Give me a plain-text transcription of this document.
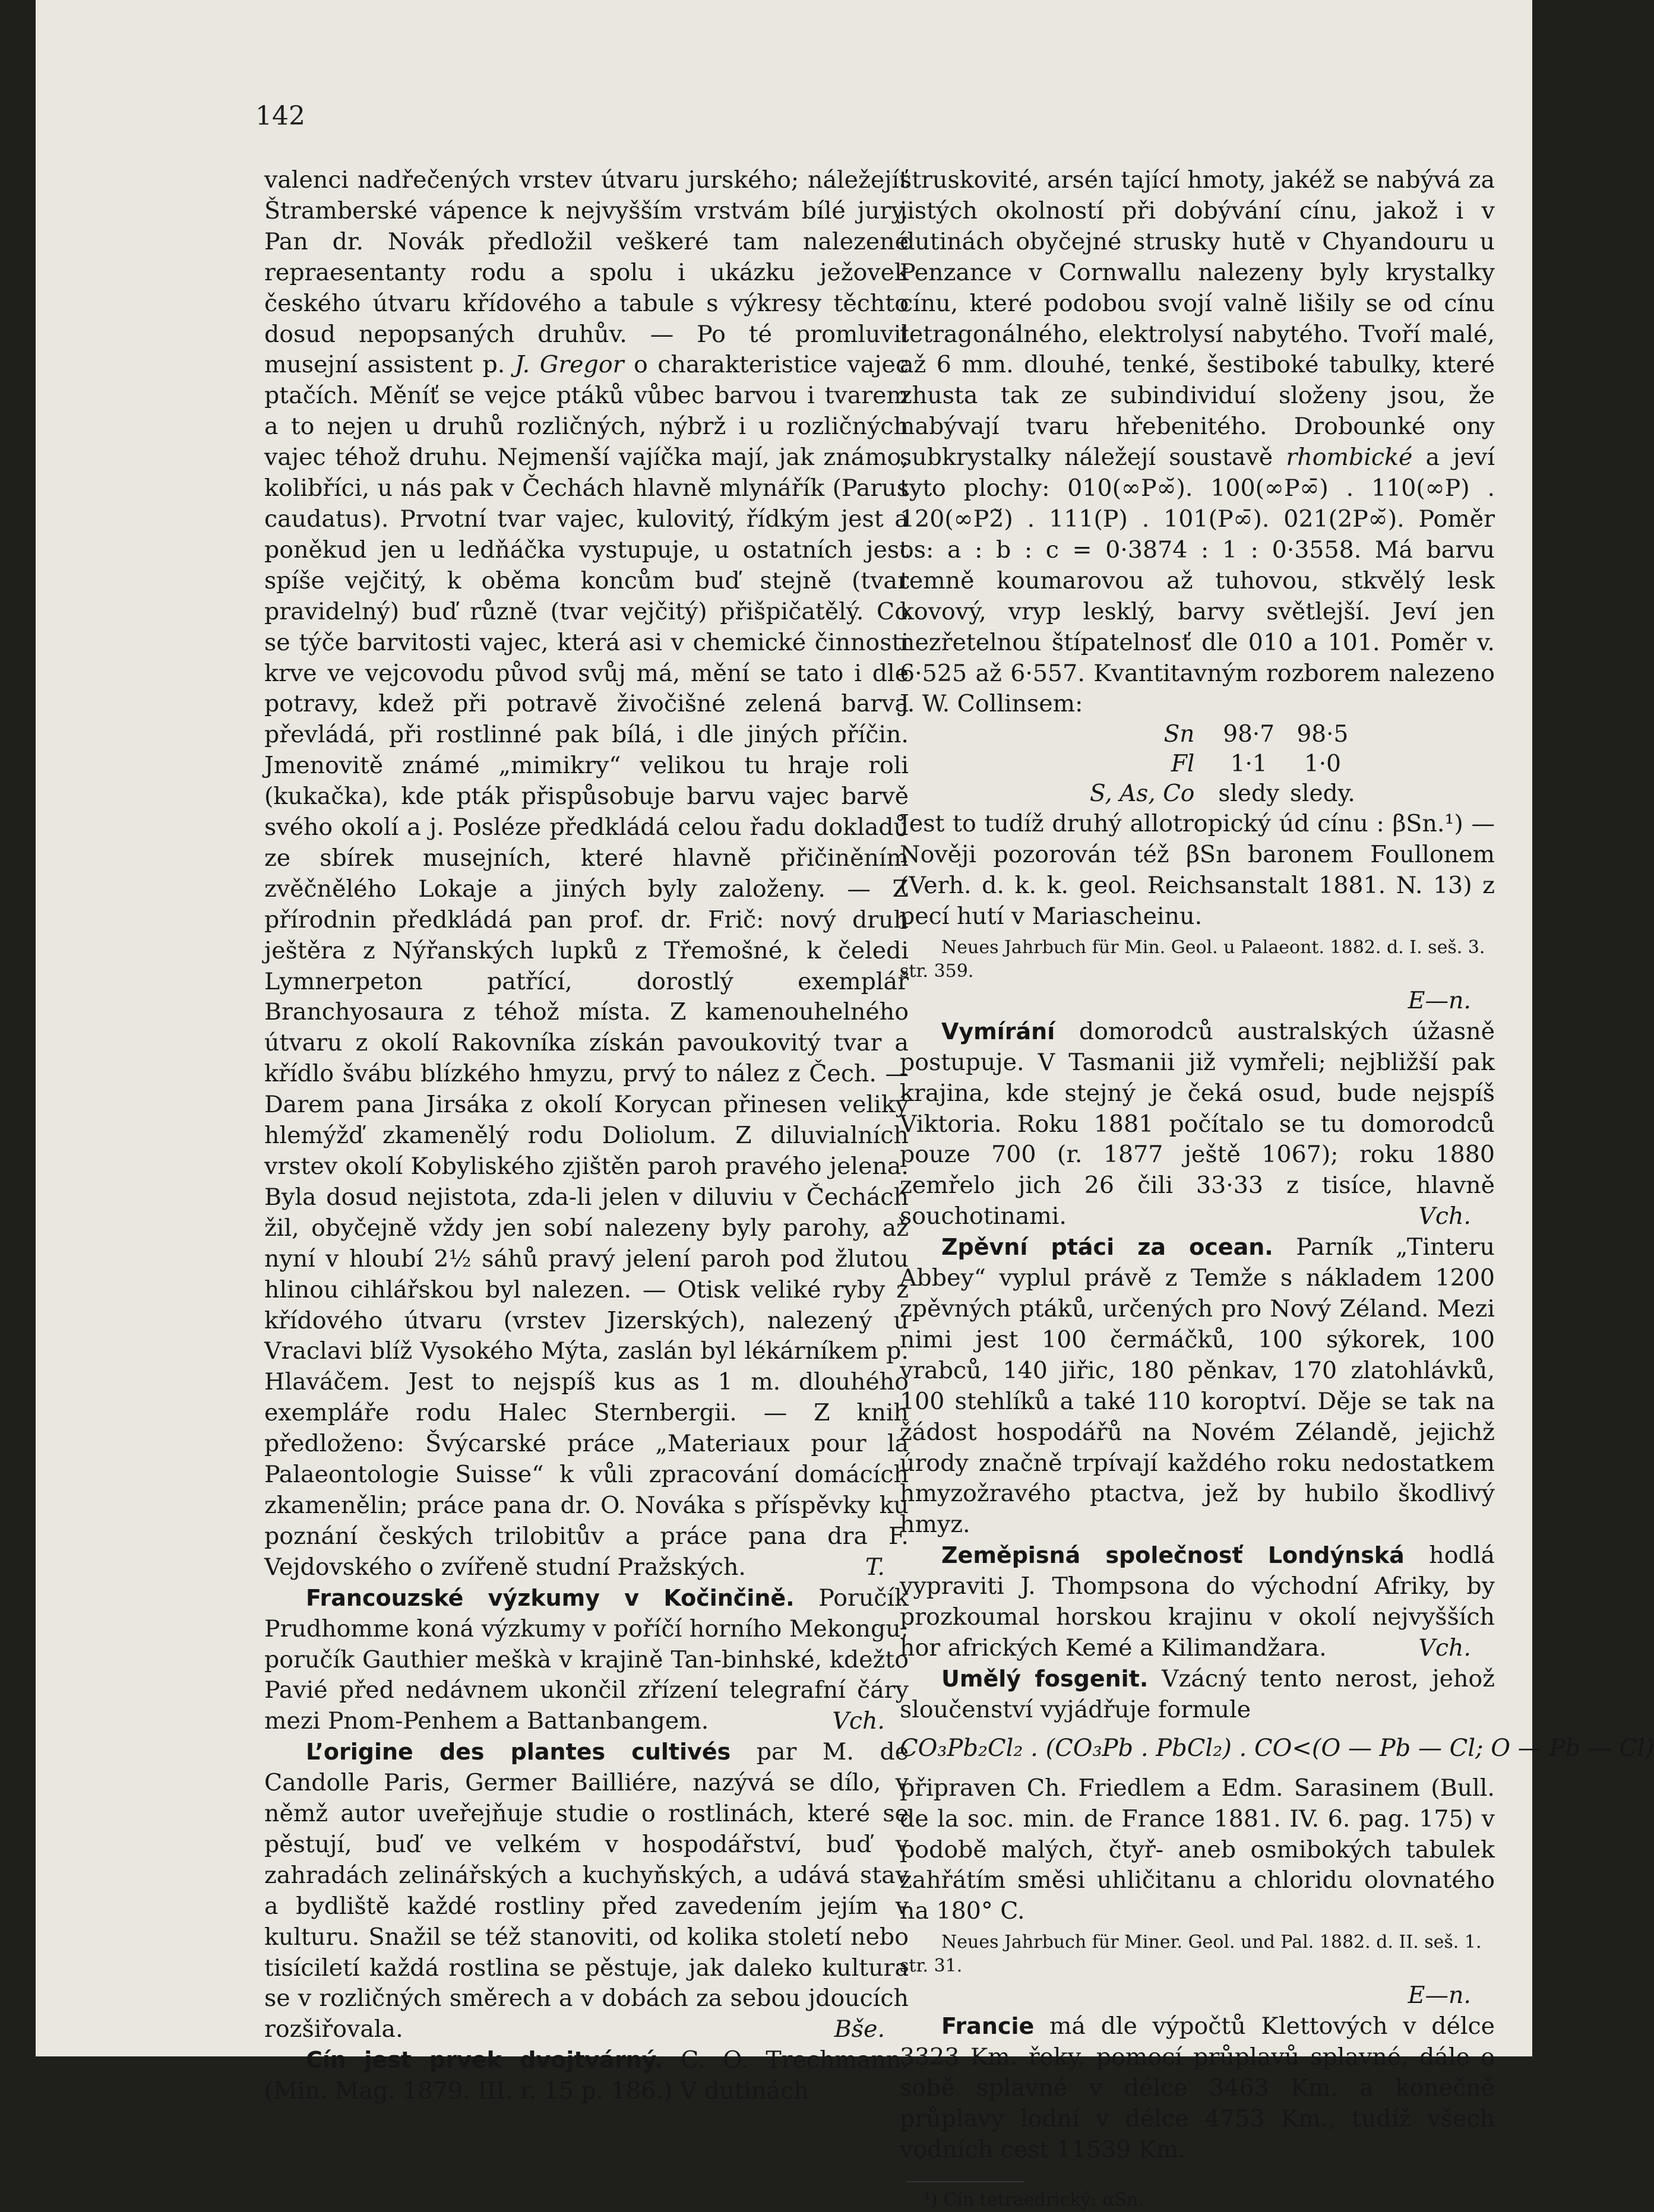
142

valenci nadřečených vrstev útvaru jurského; náležejíť Štramberské vápence k nejvyšším vrstvám bílé jury. Pan dr. Novák předložil veškeré tam nalezené repraesentanty rodu a spolu i ukázku ježovek českého útvaru křídového a tabule s výkresy těchto dosud nepopsaných druhův. — Po té promluvil musejní assistent p. J. Gregor o charakteristice vajec ptačích. Měníť se vejce ptáků vůbec barvou i tvarem a to nejen u druhů rozličných, nýbrž i u rozličných vajec téhož druhu. Nejmenší vajíčka mají, jak známo, kolibříci, u nás pak v Čechách hlavně mlynářík (Parus caudatus). Prvotní tvar vajec, kulovitý, řídkým jest a poněkud jen u ledňáčka vystupuje, u ostatních jest spíše vejčitý, k oběma koncům buď stejně (tvar pravidelný) buď různě (tvar vejčitý) přišpičatělý. Co se týče barvitosti vajec, která asi v chemické činnosti krve ve vejcovodu původ svůj má, mění se tato i dle potravy, kdež při potravě živočišné zelená barva převládá, při rostlinné pak bílá, i dle jiných příčin. Jmenovitě známé „mimikry“ velikou tu hraje roli (kukačka), kde pták přispůsobuje barvu vajec barvě svého okolí a j. Posléze předkládá celou řadu dokladů ze sbírek musejních, které hlavně přičiněním zvěčnělého Lokaje a jiných byly založeny. — Z přírodnin předkládá pan prof. dr. Frič: nový druh ještěra z Nýřanských lupků z Třemošné, k čeledi Lymnerpeton patřící, dorostlý exemplář Branchyosaura z téhož místa. Z kamenouhelného útvaru z okolí Rakovníka získán pavoukovitý tvar a křídlo švábu blízkého hmyzu, prvý to nález z Čech. — Darem pana Jirsáka z okolí Korycan přinesen veliký hlemýžď zkamenělý rodu Doliolum. Z diluvialních vrstev okolí Kobyliského zjištěn paroh pravého jelena. Byla dosud nejistota, zda-li jelen v diluviu v Čechách žil, obyčejně vždy jen sobí nalezeny byly parohy, až nyní v hloubí 2½ sáhů pravý jelení paroh pod žlutou hlinou cihlářskou byl nalezen. — Otisk veliké ryby z křídového útvaru (vrstev Jizerských), nalezený u Vraclavi blíž Vysokého Mýta, zaslán byl lékárníkem p. Hlaváčem. Jest to nejspíš kus as 1 m. dlouhého exempláře rodu Halec Sternbergii. — Z knih předloženo: Švýcarské práce „Materiaux pour la Palaeontologie Suisse“ k vůli zpracování domácích zkamenělin; práce pana dr. O. Nováka s příspěvky ku poznání českých trilobitův a práce pana dra F. Vejdovského o zvířeně studní Pražských.	T.

Francouzské výzkumy v Kočinčině. Poručík Prudhomme koná výzkumy v poříčí horního Mekongu; poručík Gauthier meškà v krajině Tan-binhské, kdežto Pavié před nedávnem ukončil zřízení telegrafní čáry mezi Pnom-Penhem a Battanbangem.	Vch.

L’origine des plantes cultivés par M. de Candolle Paris, Germer Bailliére, nazývá se dílo, v němž autor uveřejňuje studie o rostlinách, které se pěstují, buď ve velkém v hospodářství, buď v zahradách zelinářských a kuchyňských, a udává stav a bydliště každé rostliny před zavedením jejím v kulturu. Snažil se též stanoviti, od kolika století nebo tisíciletí každá rostlina se pěstuje, jak daleko kultura se v rozličných směrech a v dobách za sebou jdoucích rozšiřovala.	Bše.

Cín jest prvek dvojtvárný. C. O. Trechmann. (Min. Mag. 1879. III. r. 15 p. 186.) V dutinách

struskovité, arsén tající hmoty, jakéž se nabývá za jistých okolností při dobývání cínu, jakož i v dutinách obyčejné strusky hutě v Chyandouru u Penzance v Cornwallu nalezeny byly krystalky cínu, které podobou svojí valně lišily se od cínu tetragonálného, elektrolysí nabytého. Tvoří malé, až 6 mm. dlouhé, tenké, šestiboké tabulky, které zhusta tak ze subindividuí složeny jsou, že nabývají tvaru hřebenitého. Drobounké ony subkrystalky náležejí soustavě rhombické a jeví tyto plochy: 010(∞P∞̆). 100(∞P∞̄) . 110(∞P) . 120(∞P2̆) . 111(P) . 101(P∞̄). 021(2P∞̆). Poměr os: a : b : c = 0·3874 : 1 : 0·3558. Má barvu temně koumarovou až tuhovou, stkvělý lesk kovový, vryp lesklý, barvy světlejší. Jeví jen nezřetelnou štípatelnosť dle 010 a 101. Poměr v. 6·525 až 6·557. Kvantitavným rozborem nalezeno J. W. Collinsem:

Sn	98·7	98·5
Fl	1·1	1·0
S, As, Co	sledy	sledy.

Jest to tudíž druhý allotropický úd cínu : βSn.¹) — Nověji pozorován též βSn baronem Foullonem (Verh. d. k. k. geol. Reichsanstalt 1881. N. 13) z pecí hutí v Mariascheinu.

Neues Jahrbuch für Min. Geol. u Palaeont. 1882. d. I. seš. 3. str. 359.

E—n.

Vymírání domorodců australských úžasně postupuje. V Tasmanii již vymřeli; nejbližší pak krajina, kde stejný je čeká osud, bude nejspíš Viktoria. Roku 1881 počítalo se tu domorodců pouze 700 (r. 1877 ještě 1067); roku 1880 zemřelo jich 26 čili 33·33 z tisíce, hlavně souchotinami.	Vch.

Zpěvní ptáci za ocean. Parník „Tinteru Abbey“ vyplul právě z Temže s nákladem 1200 zpěvných ptáků, určených pro Nový Zéland. Mezi nimi jest 100 čermáčků, 100 sýkorek, 100 vrabců, 140 jiřic, 180 pěnkav, 170 zlatohlávků, 100 stehlíků a také 110 koroptví. Děje se tak na žádost hospodářů na Novém Zélandě, jejichž úrody značně trpívají každého roku nedostatkem hmyzožravého ptactva, jež by hubilo škodlivý hmyz.

Zeměpisná společnosť Londýnská hodlá vypraviti J. Thompsona do východní Afriky, by prozkoumal horskou krajinu v okolí nejvyšších hor afrických Kemé a Kilimandžara.	Vch.

Umělý fosgenit. Vzácný tento nerost, jehož sloučenství vyjádřuje formule

CO₃Pb₂Cl₂ . (CO₃Pb . PbCl₂) . CO<(O — Pb — Cl; O — Pb — Cl)

připraven Ch. Friedlem a Edm. Sarasinem (Bull. de la soc. min. de France 1881. IV. 6. pag. 175) v podobě malých, čtyř- aneb osmibokých tabulek zahřátím směsi uhličitanu a chloridu olovnatého na 180° C.

Neues Jahrbuch für Miner. Geol. und Pal. 1882. d. II. seš. 1. str. 31.

E—n.

Francie má dle výpočtů Klettových v délce 3323 Km. řeky, pomocí průplavů splavné, dále o sobě splavné v délce 3463 Km. a konečně průplavy lodní v délce 4753 Km., tudíž všech vodních cest 11539 Km.

¹) Cín tetraedrický: αSn.
